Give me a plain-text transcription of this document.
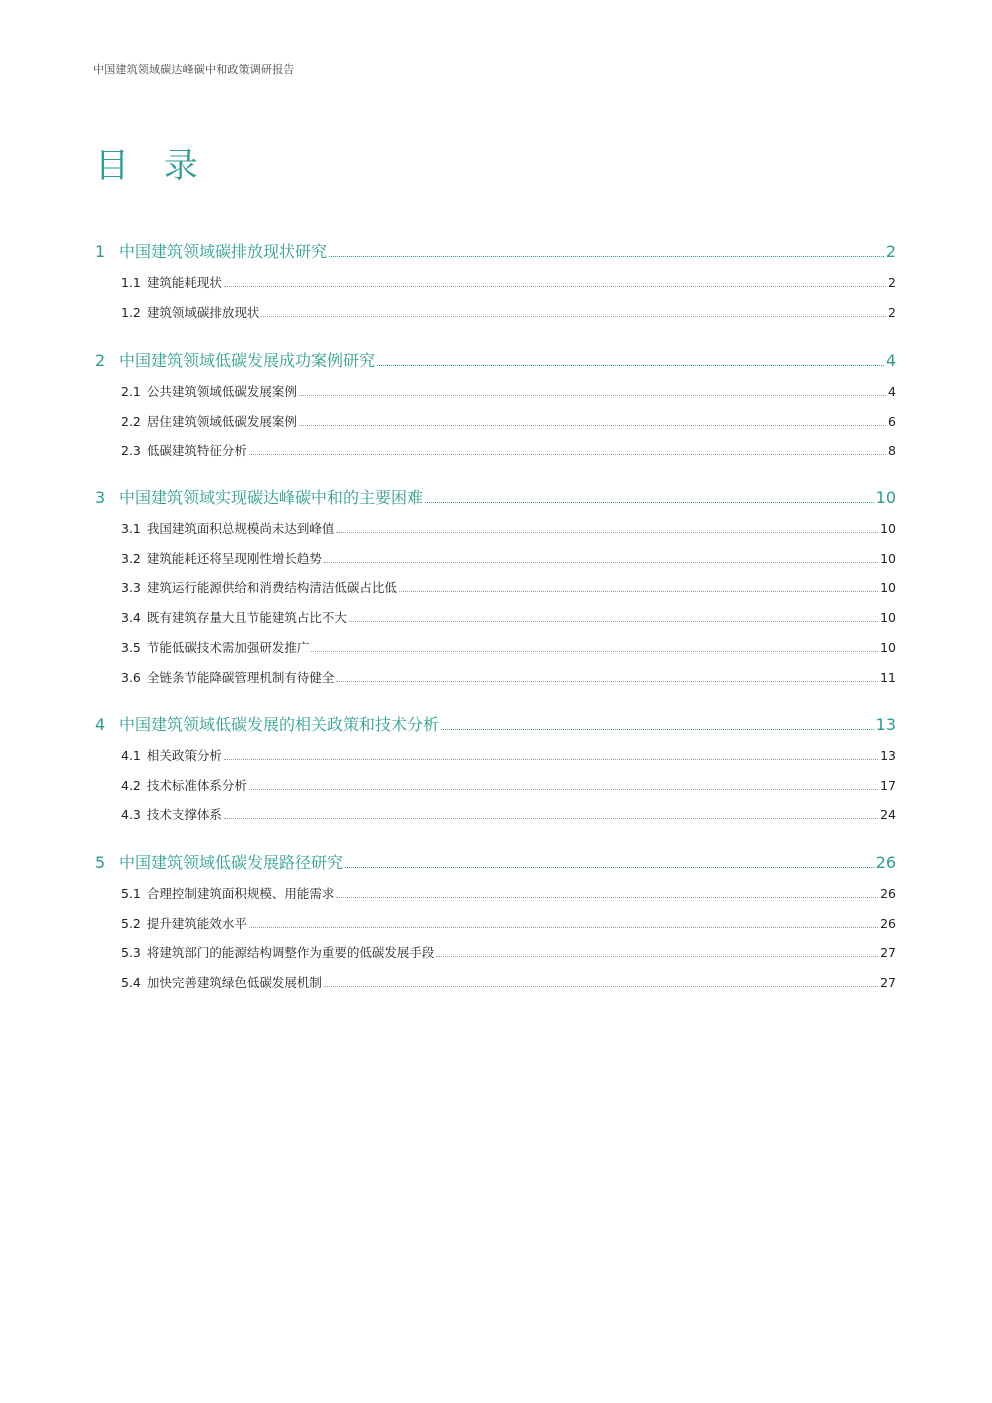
中国建筑领域碳达峰碳中和政策调研报告
目 录
1 中国建筑领域碳排放现状研究	2
1.1 建筑能耗现状	2
1.2 建筑领域碳排放现状	2
2 中国建筑领域低碳发展成功案例研究	4
2.1 公共建筑领域低碳发展案例	4
2.2 居住建筑领域低碳发展案例	6
2.3 低碳建筑特征分析	8
3 中国建筑领域实现碳达峰碳中和的主要困难	10
3.1 我国建筑面积总规模尚未达到峰值	10
3.2 建筑能耗还将呈现刚性增长趋势	10
3.3 建筑运行能源供给和消费结构清洁低碳占比低	10
3.4 既有建筑存量大且节能建筑占比不大	10
3.5 节能低碳技术需加强研发推广	10
3.6 全链条节能降碳管理机制有待健全	11
4 中国建筑领域低碳发展的相关政策和技术分析	13
4.1 相关政策分析	13
4.2 技术标准体系分析	17
4.3 技术支撑体系	24
5 中国建筑领域低碳发展路径研究	26
5.1 合理控制建筑面积规模、用能需求	26
5.2 提升建筑能效水平	26
5.3 将建筑部门的能源结构调整作为重要的低碳发展手段	27
5.4 加快完善建筑绿色低碳发展机制	27
